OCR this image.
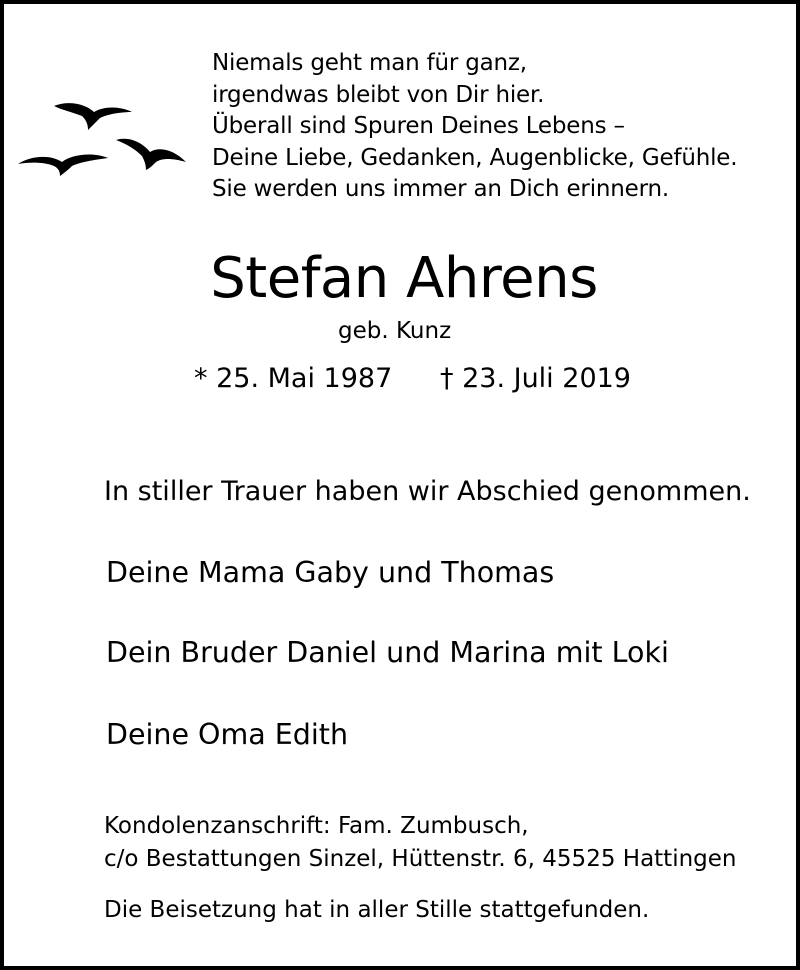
Niemals geht man für ganz,
irgendwas bleibt von Dir hier.
Überall sind Spuren Deines Lebens –
Deine Liebe, Gedanken, Augenblicke, Gefühle.
Sie werden uns immer an Dich erinnern.
Stefan Ahrens
geb. Kunz
* 25. Mai 1987 † 23. Juli 2019
In stiller Trauer haben wir Abschied genommen.
Deine Mama Gaby und Thomas
Dein Bruder Daniel und Marina mit Loki
Deine Oma Edith
Kondolenzanschrift: Fam. Zumbusch,
c/o Bestattungen Sinzel, Hüttenstr. 6, 45525 Hattingen
Die Beisetzung hat in aller Stille stattgefunden.
